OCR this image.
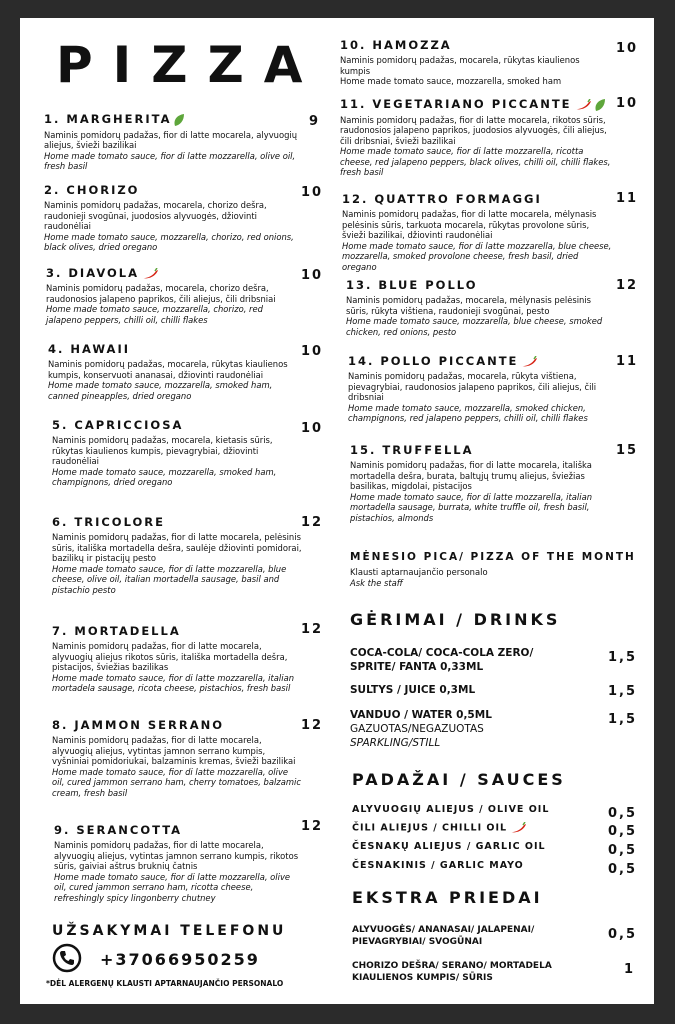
PIZZA
1. MARGHERITA
Naminis pomidorų padažas, fior di latte mocarela, alyvuogių aliejus, švieži bazilikai
Home made tomato sauce, fior di latte mozzarella, olive oil, fresh basil
9
2. CHORIZO
Naminis pomidorų padažas, mocarela, chorizo dešra, raudonieji svogūnai, juodosios alyvuogės, džiovinti raudonėliai
Home made tomato sauce, mozzarella, chorizo, red onions, black olives, dried oregano
10
3. DIAVOLA
Naminis pomidorų padažas, mocarela, chorizo dešra, raudonosios jalapeno paprikos, čili aliejus, čili dribsniai
Home made tomato sauce, mozzarella, chorizo, red jalapeno peppers, chilli oil, chilli flakes
10
4. HAWAII
Naminis pomidorų padažas, mocarela, rūkytas kiaulienos kumpis, konservuoti ananasai, džiovinti raudonėliai
Home made tomato sauce, mozzarella, smoked ham, canned pineapples, dried oregano
10
5. CAPRICCIOSA
Naminis pomidorų padažas, mocarela, kietasis sūris, rūkytas kiaulienos kumpis, pievagrybiai, džiovinti raudonėliai
Home made tomato sauce, mozzarella, smoked ham, champignons, dried oregano
10
6. TRICOLORE
Naminis pomidorų padažas, fior di latte mocarela, pelėsinis sūris, itališka mortadella dešra, saulėje džiovinti pomidorai, bazilikų ir pistacijų pesto
Home made tomato sauce, fior di latte mozzarella, blue cheese, olive oil, italian mortadella sausage, basil and pistachio pesto
12
7. MORTADELLA
Naminis pomidorų padažas, fior di latte mocarela, alyvuogių aliejus rikotos sūris, itališka mortadella dešra, pistacijos, šviežias bazilikas
Home made tomato sauce, fior di latte mozzarella, italian mortadela sausage, ricota cheese, pistachios, fresh basil
12
8. JAMMON SERRANO
Naminis pomidorų padažas, fior di latte mocarela, alyvuogių aliejus, vytintas jamnon serrano kumpis, vyšniniai pomidoriukai, balzaminis kremas, švieži bazilikai
Home made tomato sauce, fior di latte mozzarella, olive oil, cured jammon serrano ham, cherry tomatoes, balzamic cream, fresh basil
12
9. SERANCOTTA
Naminis pomidorų padažas, fior di latte mocarela, alyvuogių aliejus, vytintas jamnon serrano kumpis, rikotos sūris, gaiviai aštrus bruknių čatnis
Home made tomato sauce, fior di latte mozzarella, olive oil, cured jammon serrano ham, ricotta cheese, refreshingly spicy lingonberry chutney
12
UŽSAKYMAI TELEFONU
+37066950259
*DĖL ALERGENŲ KLAUSTI APTARNAUJANČIO PERSONALO
10. HAMOZZA
Naminis pomidorų padažas, mocarela, rūkytas kiaulienos kumpis
Home made tomato sauce, mozzarella, smoked ham
10
11. VEGETARIANO PICCANTE
Naminis pomidorų padažas, fior di latte mocarela, rikotos sūris, raudonosios jalapeno paprikos, juodosios alyvuogės, čili aliejus, čili dribsniai, švieži bazilikai
Home made tomato sauce, fior di latte mozzarella, ricotta cheese, red jalapeno peppers, black olives, chilli oil, chilli flakes, fresh basil
10
12. QUATTRO FORMAGGI
Naminis pomidorų padažas, fior di latte mocarela, mėlynasis pelėsinis sūris, tarkuota mocarela, rūkytas provolone sūris, švieži bazilikai, džiovinti raudonėliai
Home made tomato sauce, fior di latte mozzarella, blue cheese, mozzarella, smoked provolone cheese, fresh basil, dried oregano
11
13. BLUE POLLO
Naminis pomidorų padažas, mocarela, mėlynasis pelėsinis sūris, rūkyta vištiena, raudonieji svogūnai, pesto
Home made tomato sauce, mozzarella, blue cheese, smoked chicken, red onions, pesto
12
14. POLLO PICCANTE
Naminis pomidorų padažas, mocarela, rūkyta vištiena, pievagrybiai, raudonosios jalapeno paprikos, čili aliejus, čili dribsniai
Home made tomato sauce, mozzarella, smoked chicken, champignons, red jalapeno peppers, chilli oil, chilli flakes
11
15. TRUFFELLA
Naminis pomidorų padažas, fior di latte mocarela, itališka mortadella dešra, burata, baltųjų trumų aliejus, šviežias basilikas, migdolai, pistacijos
Home made tomato sauce, fior di latte mozzarella, italian mortadella sausage, burrata, white truffle oil, fresh basil, pistachios, almonds
15
MĖNESIO PICA/ PIZZA OF THE MONTH
Klausti aptarnaujančio personalo
Ask the staff
GĖRIMAI / DRINKS
COCA-COLA/ COCA-COLA ZERO/ SPRITE/ FANTA 0,33ML
1,5
SULTYS / JUICE 0,3ML	1,5
VANDUO / WATER 0,5ML
GAZUOTAS/NEGAZUOTAS
SPARKLING/STILL
1,5
PADAŽAI / SAUCES
ALYVUOGIŲ ALIEJUS / OLIVE OIL	0,5
ČILI ALIEJUS / CHILLI OIL	0,5
ČESNAKŲ ALIEJUS / GARLIC OIL	0,5
ČESNAKINIS / GARLIC MAYO	0,5
EKSTRA PRIEDAI
ALYVUOGĖS/ ANANASAI/ JALAPENAI/ PIEVAGRYBIAI/ SVOGŪNAI	0,5
CHORIZO DEŠRA/ SERANO/ MORTADELA KIAULIENOS KUMPIS/ SŪRIS
1
